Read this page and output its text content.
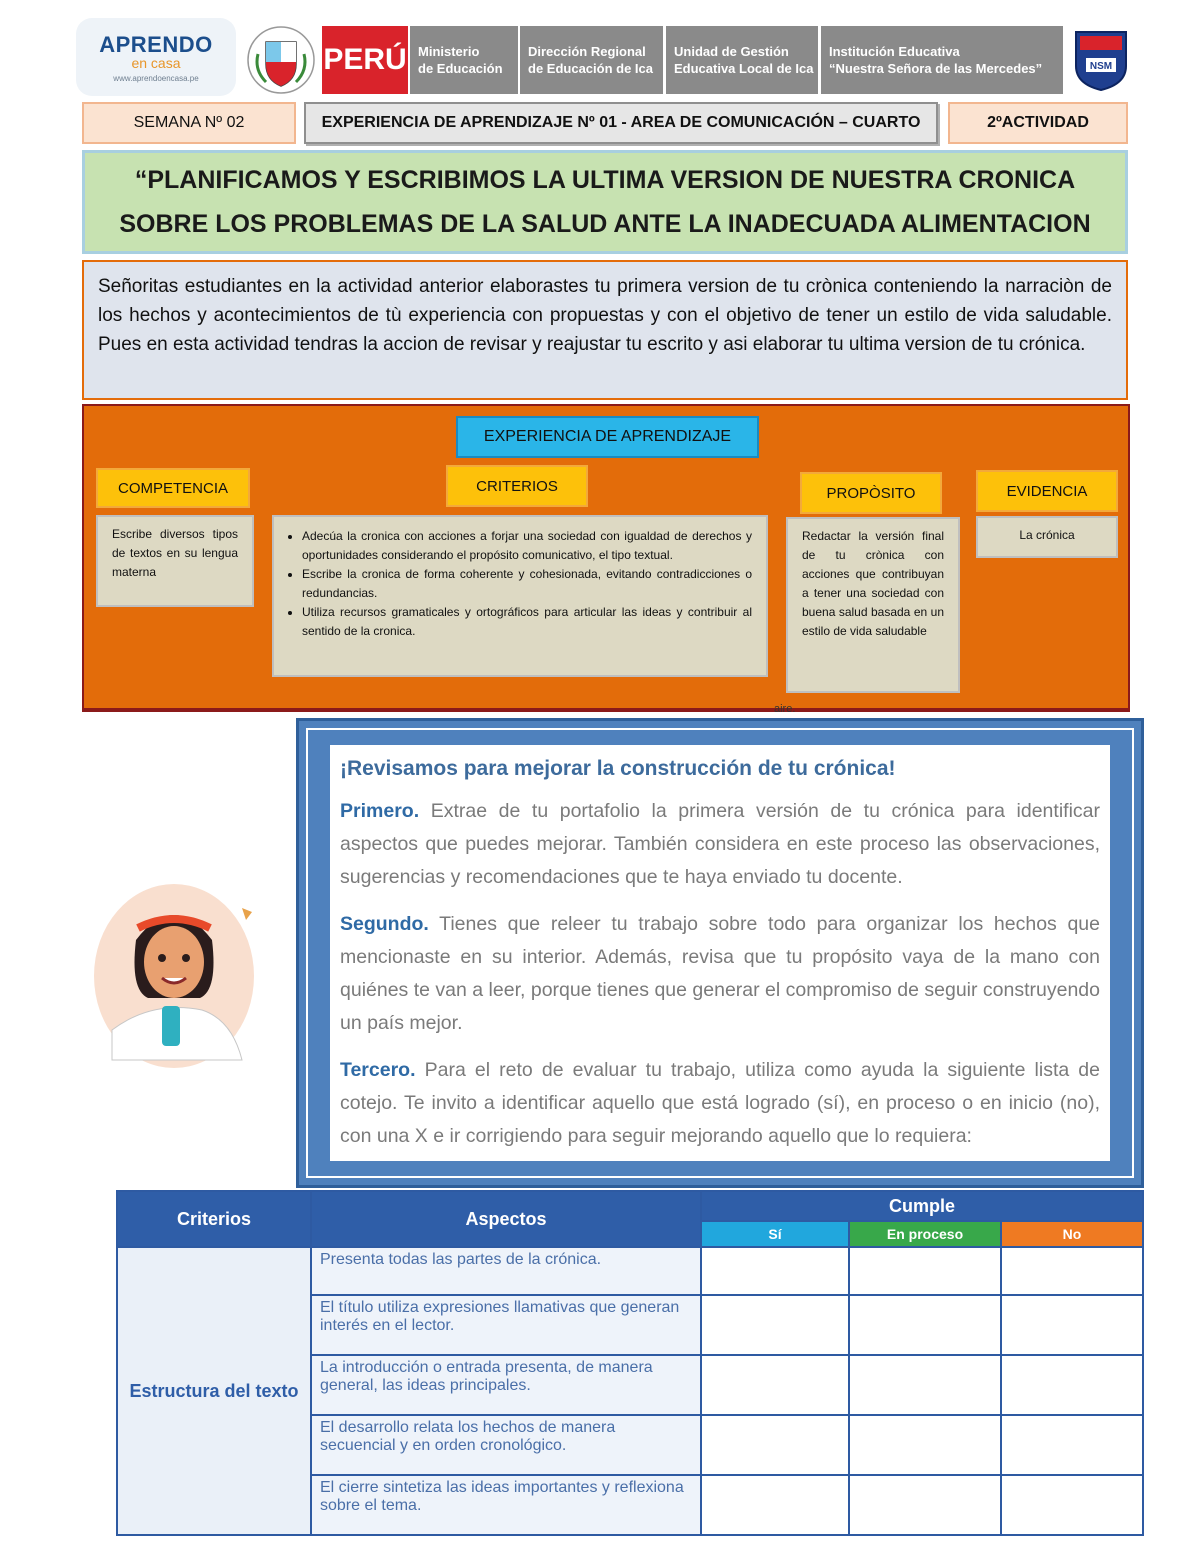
APRENDO
en casa
www.aprendoencasa.pe
PERÚ Ministerio
de Educación
Dirección Regional
de Educación de Ica
Unidad de Gestión
Educativa Local de Ica
Institución Educativa
“Nuestra Señora de las Mercedes”	NSM
SEMANA Nº 02	EXPERIENCIA DE APRENDIZAJE Nº 01 - AREA DE COMUNICACIÓN – CUARTO	2ºACTIVIDAD
“PLANIFICAMOS Y ESCRIBIMOS LA ULTIMA VERSION DE NUESTRA CRONICA
SOBRE LOS PROBLEMAS DE LA SALUD ANTE LA INADECUADA ALIMENTACION
Señoritas estudiantes en la actividad anterior elaborastes tu primera version de tu crònica conteniendo la narraciòn de los hechos y acontecimientos de tù experiencia con propuestas y con el objetivo de tener un estilo de vida saludable. Pues en esta actividad tendras la accion de revisar y reajustar tu escrito y asi elaborar tu ultima version de tu crónica.
EXPERIENCIA DE APRENDIZAJE
COMPETENCIA
Escribe diversos tipos de textos en su lengua materna
CRITERIOS
• Adecúa la cronica con acciones a forjar una sociedad con igualdad de derechos y oportunidades considerando el propósito comunicativo, el tipo textual.
• Escribe la cronica de forma coherente y cohesionada, evitando contradicciones o redundancias.
• Utiliza recursos gramaticales y ortográficos para articular las ideas y contribuir al sentido de la cronica.
PROPÒSITO
Redactar la versión final de tu crònica con acciones que contribuyan a tener una sociedad con buena salud basada en un estilo de vida saludable
EVIDENCIA
La crónica
aire.
¡Revisamos para mejorar la construcción de tu crónica!
Primero. Extrae de tu portafolio la primera versión de tu crónica para identificar aspectos que puedes mejorar. También considera en este proceso las observaciones, sugerencias y recomendaciones que te haya enviado tu docente.
Segundo. Tienes que releer tu trabajo sobre todo para organizar los hechos que mencionaste en su interior. Además, revisa que tu propósito vaya de la mano con quiénes te van a leer, porque tienes que generar el compromiso de seguir construyendo un país mejor.
Tercero. Para el reto de evaluar tu trabajo, utiliza como ayuda la siguiente lista de cotejo. Te invito a identificar aquello que está logrado (sí), en proceso o en inicio (no), con una X e ir corrigiendo para seguir mejorando aquello que lo requiera:
Criterios	Aspectos	Cumple		
		Sí	En proceso	No
Estructura del texto	Presenta todas las partes de la crónica.			
	El título utiliza expresiones llamativas que generan interés en el lector.			
	La introducción o entrada presenta, de manera general, las ideas principales.			
	El desarrollo relata los hechos de manera secuencial y en orden cronológico.			
	El cierre sintetiza las ideas importantes y reflexiona sobre el tema.			
